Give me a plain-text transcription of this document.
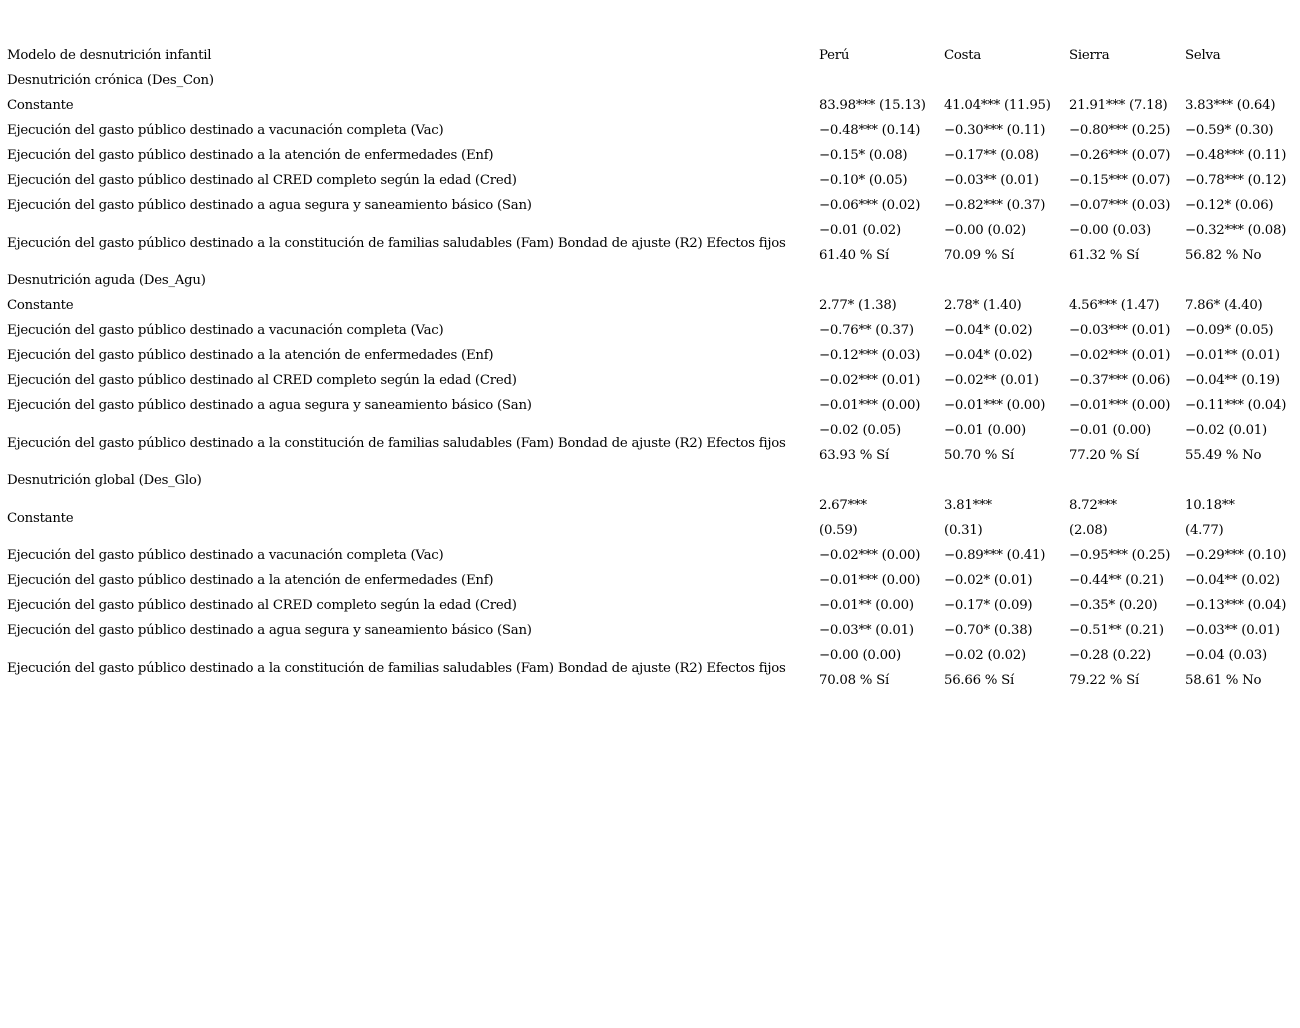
Modelo de desnutrición infantil	Perú	Costa	Sierra	Selva
Desnutrición crónica (Des_Con)				
Constante	83.98*** (15.13)	41.04*** (11.95)	21.91*** (7.18)	3.83*** (0.64)
Ejecución del gasto público destinado a vacunación completa (Vac)	−0.48*** (0.14)	−0.30*** (0.11)	−0.80*** (0.25)	−0.59* (0.30)
Ejecución del gasto público destinado a la atención de enfermedades (Enf)	−0.15* (0.08)	−0.17** (0.08)	−0.26*** (0.07)	−0.48*** (0.11)
Ejecución del gasto público destinado al CRED completo según la edad (Cred)	−0.10* (0.05)	−0.03** (0.01)	−0.15*** (0.07)	−0.78*** (0.12)
Ejecución del gasto público destinado a agua segura y saneamiento básico (San)	−0.06*** (0.02)	−0.82*** (0.37)	−0.07*** (0.03)	−0.12* (0.06)
Ejecución del gasto público destinado a la constitución de familias saludables (Fam) Bondad de ajuste (R2) Efectos fijos	−0.01 (0.02)	−0.00 (0.02)	−0.00 (0.03)	−0.32*** (0.08)
	61.40 % Sí	70.09 % Sí	61.32 % Sí	56.82 % No
Desnutrición aguda (Des_Agu)				
Constante	2.77* (1.38)	2.78* (1.40)	4.56*** (1.47)	7.86* (4.40)
Ejecución del gasto público destinado a vacunación completa (Vac)	−0.76** (0.37)	−0.04* (0.02)	−0.03*** (0.01)	−0.09* (0.05)
Ejecución del gasto público destinado a la atención de enfermedades (Enf)	−0.12*** (0.03)	−0.04* (0.02)	−0.02*** (0.01)	−0.01** (0.01)
Ejecución del gasto público destinado al CRED completo según la edad (Cred)	−0.02*** (0.01)	−0.02** (0.01)	−0.37*** (0.06)	−0.04** (0.19)
Ejecución del gasto público destinado a agua segura y saneamiento básico (San)	−0.01*** (0.00)	−0.01*** (0.00)	−0.01*** (0.00)	−0.11*** (0.04)
Ejecución del gasto público destinado a la constitución de familias saludables (Fam) Bondad de ajuste (R2) Efectos fijos	−0.02 (0.05)	−0.01 (0.00)	−0.01 (0.00)	−0.02 (0.01)
	63.93 % Sí	50.70 % Sí	77.20 % Sí	55.49 % No
Desnutrición global (Des_Glo)				
Constante	2.67***	3.81***	8.72***	10.18**
	(0.59)	(0.31)	(2.08)	(4.77)
Ejecución del gasto público destinado a vacunación completa (Vac)	−0.02*** (0.00)	−0.89*** (0.41)	−0.95*** (0.25)	−0.29*** (0.10)
Ejecución del gasto público destinado a la atención de enfermedades (Enf)	−0.01*** (0.00)	−0.02* (0.01)	−0.44** (0.21)	−0.04** (0.02)
Ejecución del gasto público destinado al CRED completo según la edad (Cred)	−0.01** (0.00)	−0.17* (0.09)	−0.35* (0.20)	−0.13*** (0.04)
Ejecución del gasto público destinado a agua segura y saneamiento básico (San)	−0.03** (0.01)	−0.70* (0.38)	−0.51** (0.21)	−0.03** (0.01)
Ejecución del gasto público destinado a la constitución de familias saludables (Fam) Bondad de ajuste (R2) Efectos fijos	−0.00 (0.00)	−0.02 (0.02)	−0.28 (0.22)	−0.04 (0.03)
	70.08 % Sí	56.66 % Sí	79.22 % Sí	58.61 % No
